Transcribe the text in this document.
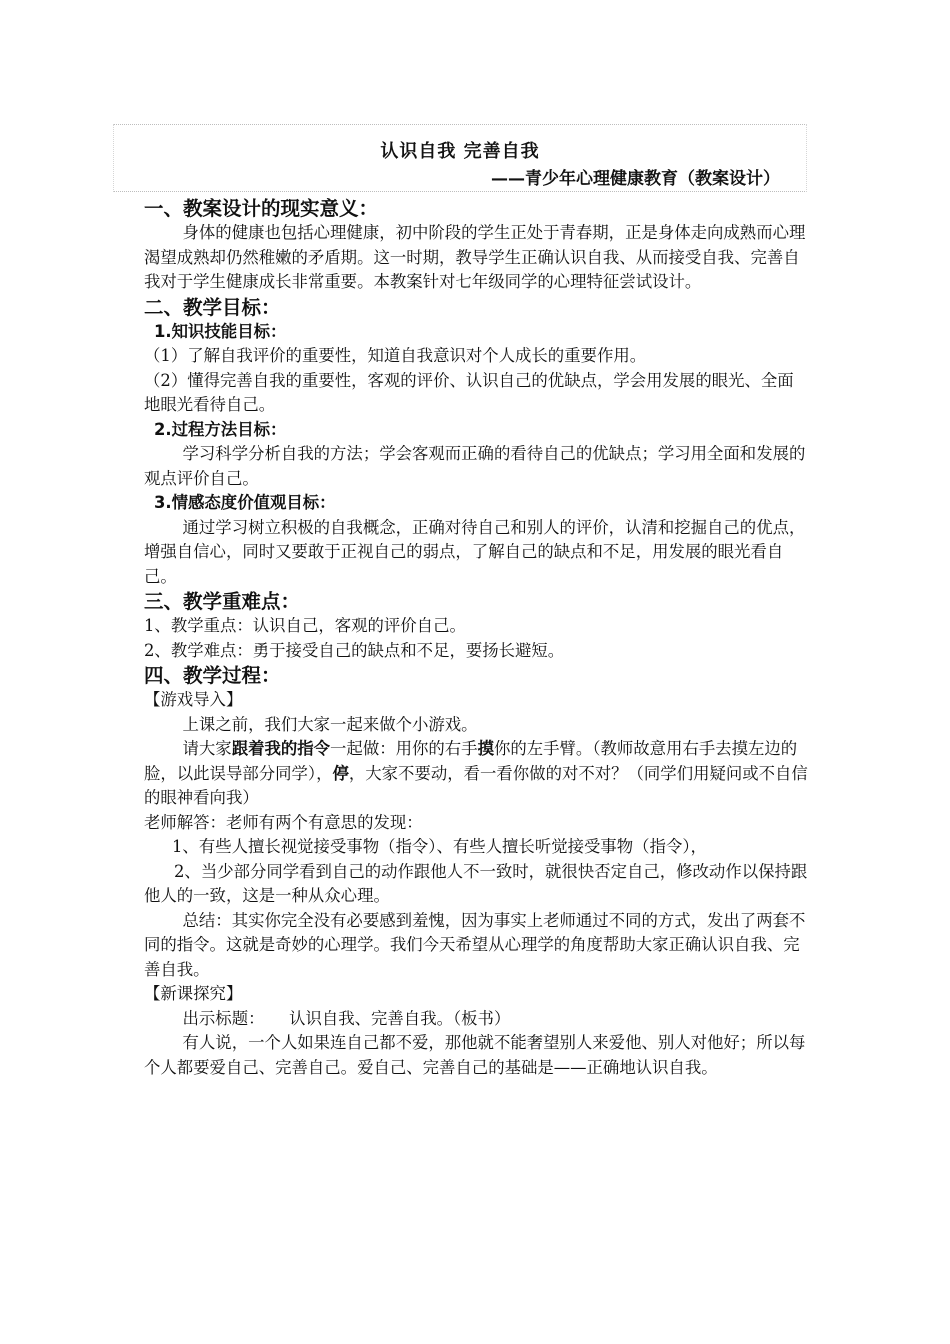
认识自我 完善自我
——青少年心理健康教育（教案设计）
一、教案设计的现实意义：

身体的健康也包括心理健康，初中阶段的学生正处于青春期，正是身体走向成熟而心理渴望成熟却仍然稚嫩的矛盾期。这一时期，教导学生正确认识自我、从而接受自我、完善自我对于学生健康成长非常重要。本教案针对七年级同学的心理特征尝试设计。

二、教学目标：
1.知识技能目标：

（1）了解自我评价的重要性，知道自我意识对个人成长的重要作用。

（2）懂得完善自我的重要性，客观的评价、认识自己的优缺点，学会用发展的眼光、全面地眼光看待自己。

2.过程方法目标：

学习科学分析自我的方法；学会客观而正确的看待自己的优缺点；学习用全面和发展的观点评价自己。

3.情感态度价值观目标：

通过学习树立积极的自我概念，正确对待自己和别人的评价，认清和挖掘自己的优点，增强自信心，同时又要敢于正视自己的弱点，了解自己的缺点和不足，用发展的眼光看自己。

三、教学重难点：

1、教学重点：认识自己，客观的评价自己。

2、教学难点：勇于接受自己的缺点和不足，要扬长避短。

四、教学过程：

【游戏导入】

上课之前，我们大家一起来做个小游戏。

请大家跟着我的指令一起做：用你的右手摸你的左手臂。（教师故意用右手去摸左边的脸，以此误导部分同学），停，大家不要动，看一看你做的对不对？（同学们用疑问或不自信的眼神看向我）

老师解答：老师有两个有意思的发现：

1、有些人擅长视觉接受事物（指令）、有些人擅长听觉接受事物（指令），

2、当少部分同学看到自己的动作跟他人不一致时，就很快否定自己，修改动作以保持跟他人的一致，这是一种从众心理。

总结：其实你完全没有必要感到羞愧，因为事实上老师通过不同的方式，发出了两套不同的指令。这就是奇妙的心理学。我们今天希望从心理学的角度帮助大家正确认识自我、完善自我。

【新课探究】

出示标题：　　认识自我、完善自我。（板书）

有人说，一个人如果连自己都不爱，那他就不能奢望别人来爱他、别人对他好；所以每个人都要爱自己、完善自己。爱自己、完善自己的基础是——正确地认识自我。
